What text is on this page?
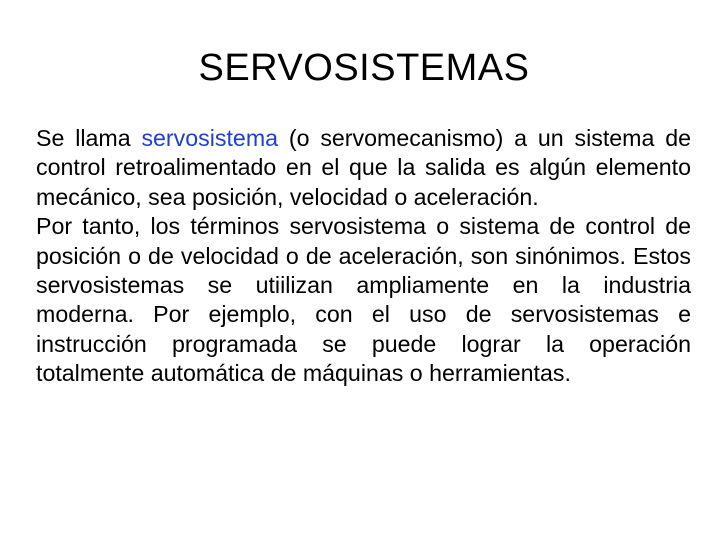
SERVOSISTEMAS

Se llama servosistema (o servomecanismo) a un sistema de control retroalimentado en el que la salida es algún elemento mecánico, sea posición, velocidad o aceleración.

Por tanto, los términos servosistema o sistema de control de posición o de velocidad o de aceleración, son sinónimos. Estos servosistemas se utiilizan ampliamente en la industria moderna. Por ejemplo, con el uso de servosistemas e instrucción programada se puede lograr la operación totalmente automática de máquinas o herramientas.
